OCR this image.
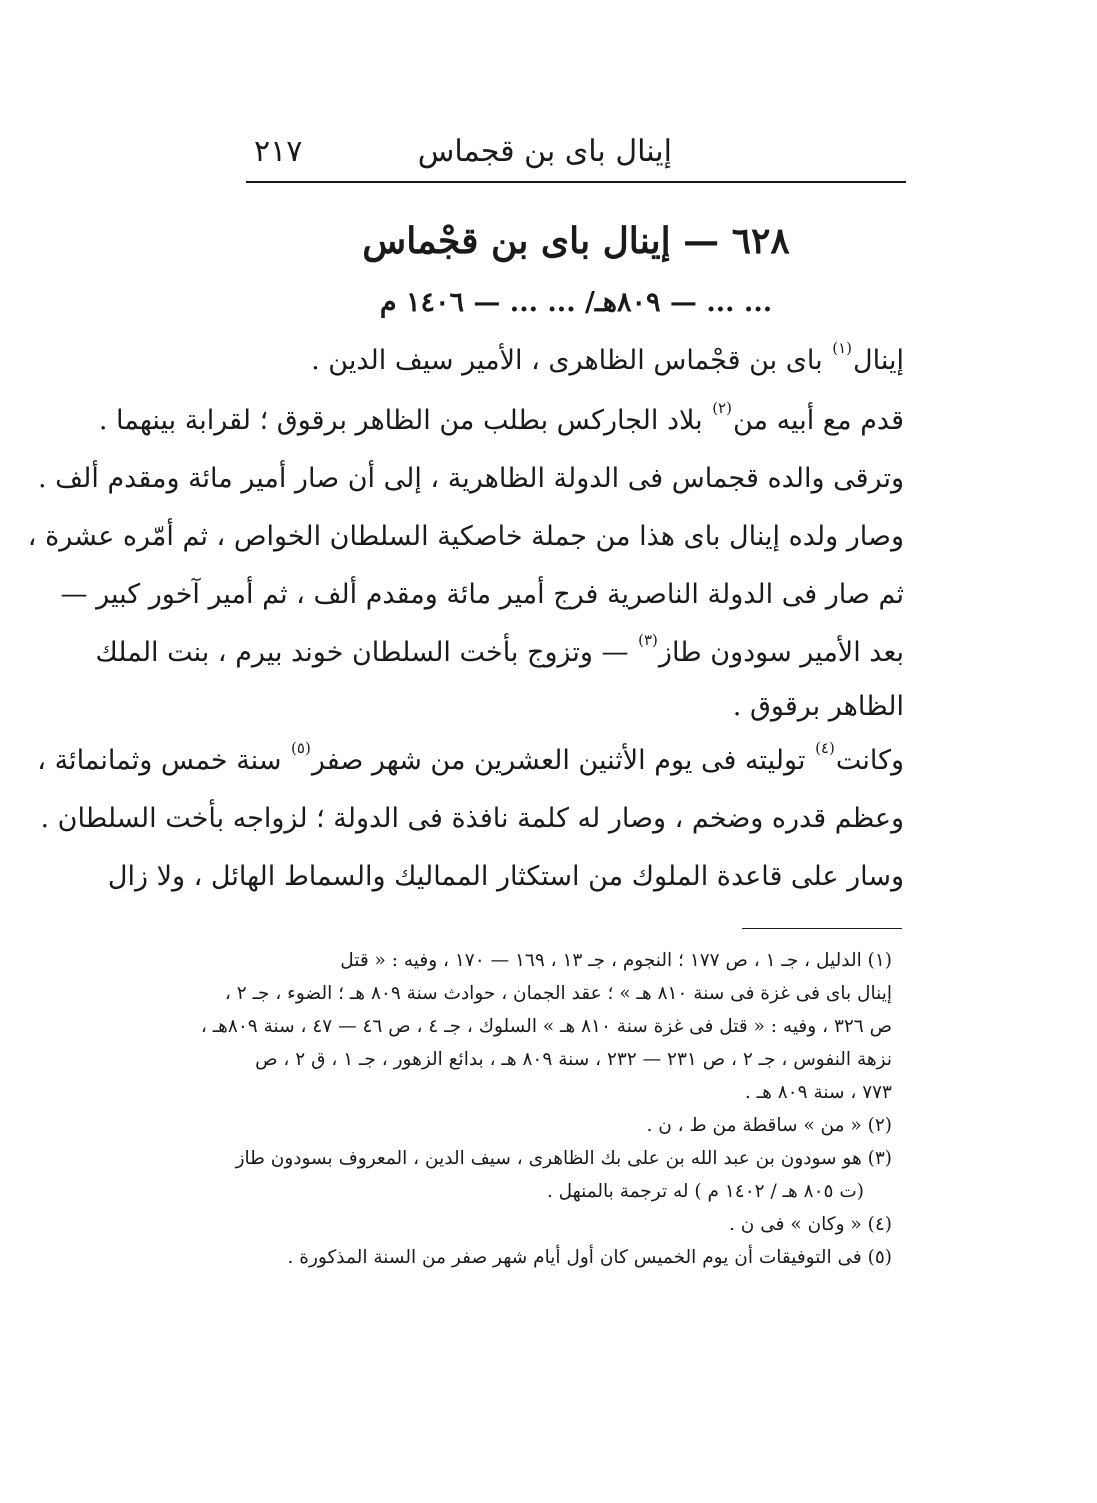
إينال باى بن قجماس
٢١٧
٦٢٨ — إينال باى بن قجْماس
... ... — ٨٠٩هـ/ ... ... — ١٤٠٦ م
إينال$^{(١)}$ باى بن قجْماس الظاهرى ، الأمير سيف الدين .
قدم مع أبيه من$^{(٢)}$ بلاد الجاركس بطلب من الظاهر برقوق ؛ لقرابة بينهما .
وترقى والده قجماس فى الدولة الظاهرية ، إلى أن صار أمير مائة ومقدم ألف .
وصار ولده إينال باى هذا من جملة خاصكية السلطان الخواص ، ثم أمّره عشرة ،
ثم صار فى الدولة الناصرية فرج أمير مائة ومقدم ألف ، ثم أمير آخور كبير —
بعد الأمير سودون طاز$^{(٣)}$ — وتزوج بأخت السلطان خوند بيرم ، بنت الملك
الظاهر برقوق .
وكانت$^{(٤)}$ توليته فى يوم الأثنين العشرين من شهر صفر$^{(٥)}$ سنة خمس وثمانمائة ،
وعظم قدره وضخم ، وصار له كلمة نافذة فى الدولة ؛ لزواجه بأخت السلطان .
وسار على قاعدة الملوك من استكثار المماليك والسماط الهائل ، ولا زال
(١) الدليل ، جـ ١ ، ص ١٧٧ ؛ النجوم ، جـ ١٣ ، ١٦٩ — ١٧٠ ، وفيه : « قتل
إينال باى فى غزة فى سنة ٨١٠ هـ » ؛ عقد الجمان ، حوادث سنة ٨٠٩ هـ ؛ الضوء ، جـ ٢ ،
ص ٣٢٦ ، وفيه : « قتل فى غزة سنة ٨١٠ هـ » السلوك ، جـ ٤ ، ص ٤٦ — ٤٧ ، سنة ٨٠٩هـ ،
نزهة النفوس ، جـ ٢ ، ص ٢٣١ — ٢٣٢ ، سنة ٨٠٩ هـ ، بدائع الزهور ، جـ ١ ، ق ٢ ، ص
٧٧٣ ، سنة ٨٠٩ هـ .
(٢) « من » ساقطة من ط ، ن .
(٣) هو سودون بن عبد الله بن على بك الظاهرى ، سيف الدين ، المعروف بسودون طاز
(ت ٨٠٥ هـ / ١٤٠٢ م ) له ترجمة بالمنهل .
(٤) « وكان » فى ن .
(٥) فى التوفيقات أن يوم الخميس كان أول أيام شهر صفر من السنة المذكورة .
